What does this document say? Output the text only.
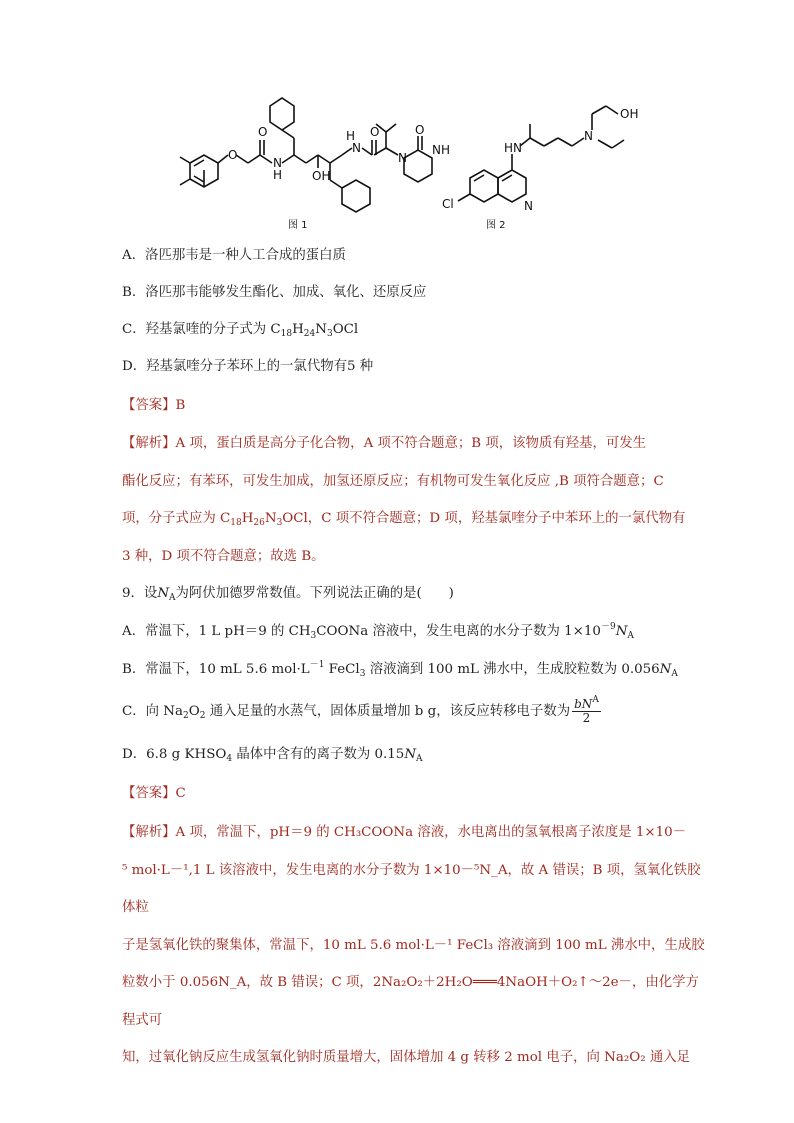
O
O
N
H OH
H
N
O	O
NH
N
图 1
HN
N
OH
Cl	N
图 2
A．洛匹那韦是一种人工合成的蛋白质
B．洛匹那韦能够发生酯化、加成、氧化、还原反应
C．羟基氯喹的分子式为 $C_{18}H_{24}N_3OCl$
D．羟基氯喹分子苯环上的一氯代物有5 种
【答案】B

【解析】A 项，蛋白质是高分子化合物，A 项不符合题意；B 项，该物质有羟基，可发生

酯化反应；有苯环，可发生加成，加氢还原反应；有机物可发生氧化反应 ,B 项符合题意；C

项，分子式应为 $C_{18}H_{26}N_3OCl$，C 项不符合题意；D 项，羟基氯喹分子中苯环上的一氯代物有

3 种，D 项不符合题意；故选 B。

9．设$N_A$为阿伏加德罗常数值。下列说法正确的是(　　)
A．常温下，1 L pH＝9 的 $CH_3COONa$ 溶液中，发生电离的水分子数为 $1\times 10^{-9}N_A$
B．常温下，10 mL 5.6 $mol\cdot L^{-1}$ FeCl$_3$ 溶液滴到 100 mL 沸水中，生成胶粒数为 $0.056N_A$
C．向 $Na_2O_2$ 通入足量的水蒸气，固体质量增加 b g，该反应转移电子数为 $\frac{bN^A}{2}$
D．6.8 g $KHSO_4$ 晶体中含有的离子数为 $0.15N_A$
【答案】C

【解析】A 项，常温下，pH＝9 的 CH₃COONa 溶液，水电离出的氢氧根离子浓度是 1×10－

⁵ mol·L－¹,1 L 该溶液中，发生电离的水分子数为 1×10－⁵N_A，故 A 错误；B 项，氢氧化铁胶体粒

子是氢氧化铁的聚集体，常温下，10 mL 5.6 mol·L－¹ FeCl₃ 溶液滴到 100 mL 沸水中，生成胶

粒数小于 0.056N_A，故 B 错误；C 项，2Na₂O₂＋2H₂O═══4NaOH＋O₂↑～2e－，由化学方程式可

知，过氧化钠反应生成氢氧化钠时质量增大，固体增加 4 g 转移 2 mol 电子，向 Na₂O₂ 通入足
